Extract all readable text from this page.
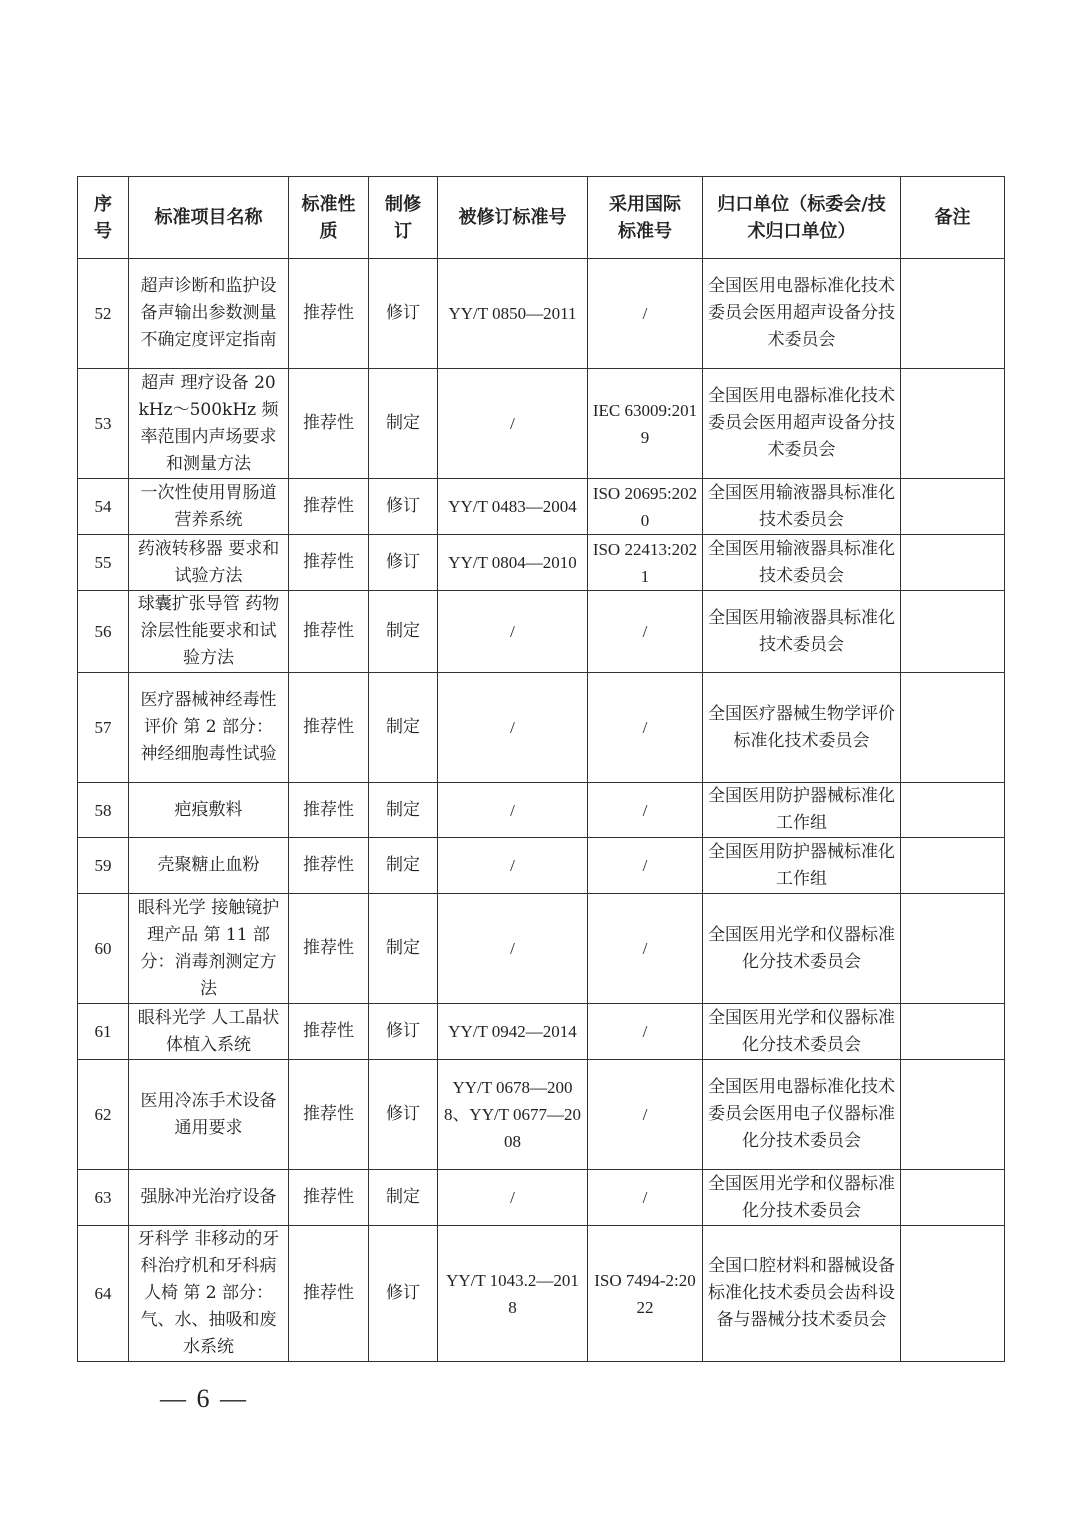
序号	标准项目名称	标准性质	制修订	被修订标准号	采用国际标准号	归口单位（标委会/技术归口单位）	备注
52	超声诊断和监护设备声输出参数测量不确定度评定指南	推荐性	修订	YY/T 0850—2011	/	全国医用电器标准化技术委员会医用超声设备分技术委员会	
53	超声 理疗设备 20kHz～500kHz 频率范围内声场要求和测量方法	推荐性	制定	/	IEC 63009:2019	全国医用电器标准化技术委员会医用超声设备分技术委员会	
54	一次性使用胃肠道营养系统	推荐性	修订	YY/T 0483—2004	ISO 20695:2020	全国医用输液器具标准化技术委员会	
55	药液转移器 要求和试验方法	推荐性	修订	YY/T 0804—2010	ISO 22413:2021	全国医用输液器具标准化技术委员会	
56	球囊扩张导管 药物涂层性能要求和试验方法	推荐性	制定	/	/	全国医用输液器具标准化技术委员会	
57	医疗器械神经毒性评价 第 2 部分：神经细胞毒性试验	推荐性	制定	/	/	全国医疗器械生物学评价标准化技术委员会	
58	疤痕敷料	推荐性	制定	/	/	全国医用防护器械标准化工作组	
59	壳聚糖止血粉	推荐性	制定	/	/	全国医用防护器械标准化工作组	
60	眼科光学 接触镜护理产品 第 11 部分：消毒剂测定方法	推荐性	制定	/	/	全国医用光学和仪器标准化分技术委员会	
61	眼科光学 人工晶状体植入系统	推荐性	修订	YY/T 0942—2014	/	全国医用光学和仪器标准化分技术委员会	
62	医用冷冻手术设备通用要求	推荐性	修订	YY/T 0678—2008、YY/T 0677—2008	/	全国医用电器标准化技术委员会医用电子仪器标准化分技术委员会	
63	强脉冲光治疗设备	推荐性	制定	/	/	全国医用光学和仪器标准化分技术委员会	
64	牙科学 非移动的牙科治疗机和牙科病人椅 第 2 部分：气、水、抽吸和废水系统	推荐性	修订	YY/T 1043.2—2018	ISO 7494-2:2022	全国口腔材料和器械设备标准化技术委员会齿科设备与器械分技术委员会	
— 6 —
